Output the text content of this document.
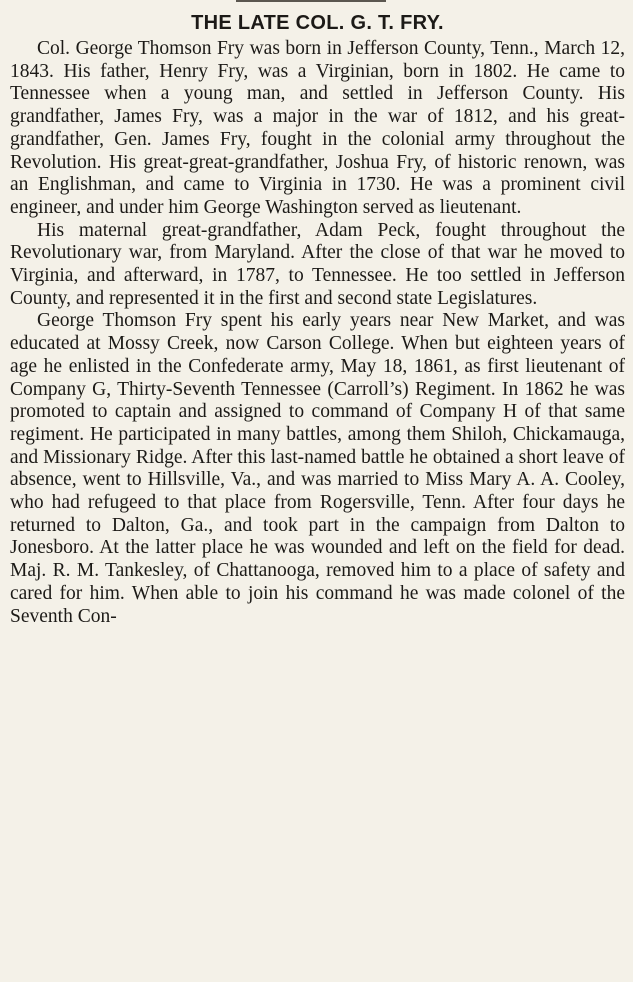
THE LATE COL. G. T. FRY.

Col. George Thomson Fry was born in Jefferson County, Tenn., March 12, 1843. His father, Henry Fry, was a Virginian, born in 1802. He came to Tennessee when a young man, and settled in Jefferson County. His grandfather, James Fry, was a major in the war of 1812, and his great-grandfather, Gen. James Fry, fought in the colonial army throughout the Revolution. His great-great-grandfather, Joshua Fry, of historic renown, was an Englishman, and came to Virginia in 1730. He was a prominent civil engineer, and under him George Washington served as lieutenant.

His maternal great-grandfather, Adam Peck, fought throughout the Revolutionary war, from Maryland. After the close of that war he moved to Virginia, and afterward, in 1787, to Tennessee. He too settled in Jefferson County, and represented it in the first and second state Legislatures.

George Thomson Fry spent his early years near New Market, and was educated at Mossy Creek, now Carson College. When but eighteen years of age he enlisted in the Confederate army, May 18, 1861, as first lieutenant of Company G, Thirty-Seventh Tennessee (Carroll’s) Regiment. In 1862 he was promoted to captain and assigned to command of Company H of that same regiment. He participated in many battles, among them Shiloh, Chickamauga, and Missionary Ridge. After this last-named battle he obtained a short leave of absence, went to Hillsville, Va., and was married to Miss Mary A. A. Cooley, who had refugeed to that place from Rogersville, Tenn. After four days he returned to Dalton, Ga., and took part in the campaign from Dalton to Jonesboro. At the latter place he was wounded and left on the field for dead. Maj. R. M. Tankesley, of Chattanooga, removed him to a place of safety and cared for him. When able to join his command he was made colonel of the Seventh Con-
